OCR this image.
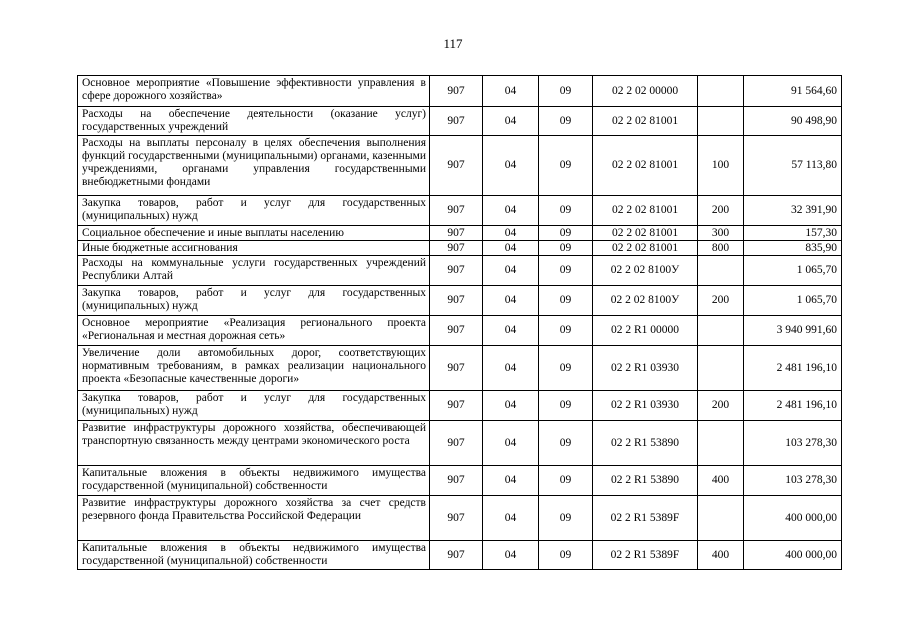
117
Основное мероприятие «Повышение эффективности управления в сфере дорожного хозяйства»	907	04	09	02 2 02 00000		91 564,60
Расходы на обеспечение деятельности (оказание услуг) государственных учреждений	907	04	09	02 2 02 81001		90 498,90
Расходы на выплаты персоналу в целях обеспечения выполнения функций государственными (муниципальными) органами, казенными учреждениями, органами управления государственными внебюджетными фондами	907	04	09	02 2 02 81001	100	57 113,80
Закупка товаров, работ и услуг для государственных (муниципальных) нужд	907	04	09	02 2 02 81001	200	32 391,90
Социальное обеспечение и иные выплаты населению	907	04	09	02 2 02 81001	300	157,30
Иные бюджетные ассигнования	907	04	09	02 2 02 81001	800	835,90
Расходы на коммунальные услуги государственных учреждений Республики Алтай	907	04	09	02 2 02 8100У		1 065,70
Закупка товаров, работ и услуг для государственных (муниципальных) нужд	907	04	09	02 2 02 8100У	200	1 065,70
Основное мероприятие «Реализация регионального проекта «Региональная и местная дорожная сеть»	907	04	09	02 2 R1 00000		3 940 991,60
Увеличение доли автомобильных дорог, соответствующих нормативным требованиям, в рамках реализации национального проекта «Безопасные качественные дороги»	907	04	09	02 2 R1 03930		2 481 196,10
Закупка товаров, работ и услуг для государственных (муниципальных) нужд	907	04	09	02 2 R1 03930	200	2 481 196,10
Развитие инфраструктуры дорожного хозяйства, обеспечивающей транспортную связанность между центрами экономического роста	907	04	09	02 2 R1 53890		103 278,30
Капитальные вложения в объекты недвижимого имущества государственной (муниципальной) собственности	907	04	09	02 2 R1 53890	400	103 278,30
Развитие инфраструктуры дорожного хозяйства за счет средств резервного фонда Правительства Российской Федерации	907	04	09	02 2 R1 5389F		400 000,00
Капитальные вложения в объекты недвижимого имущества государственной (муниципальной) собственности	907	04	09	02 2 R1 5389F	400	400 000,00
